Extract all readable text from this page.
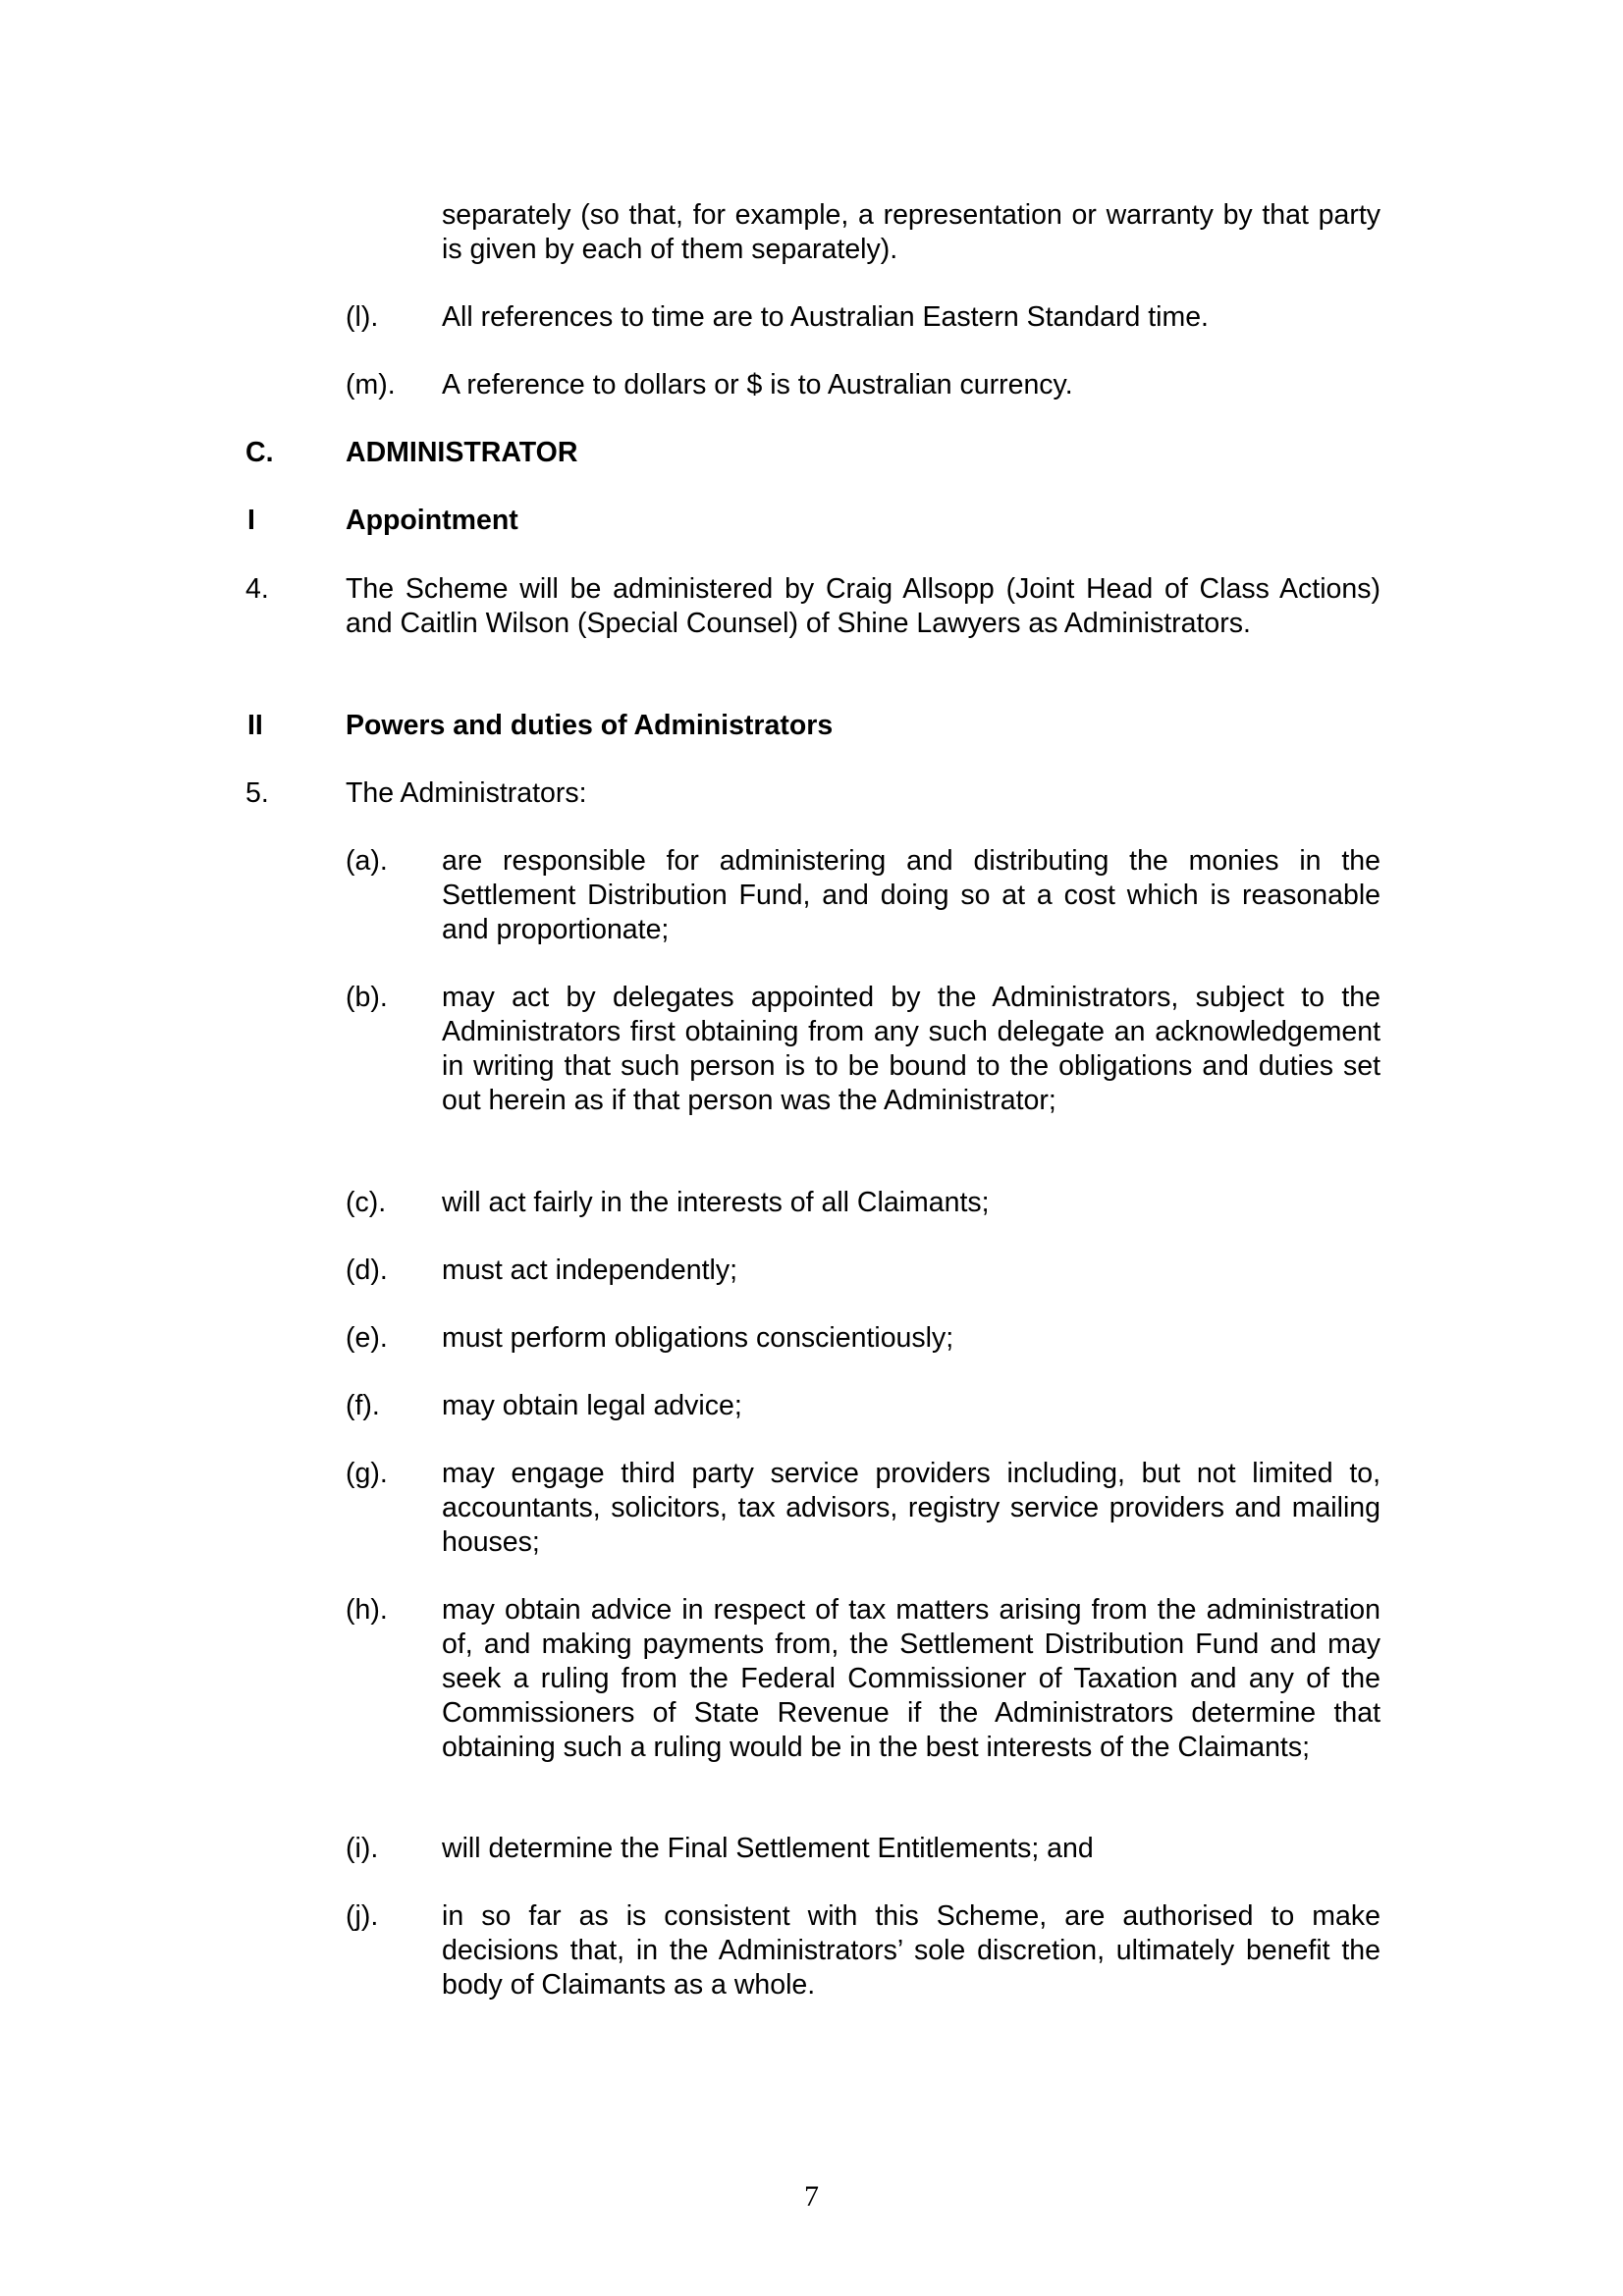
separately (so that, for example, a representation or warranty by that party is given by each of them separately).

(l). All references to time are to Australian Eastern Standard time.

(m). A reference to dollars or $ is to Australian currency.

C.	ADMINISTRATOR
I	Appointment
4.	The Scheme will be administered by Craig Allsopp (Joint Head of Class Actions) and Caitlin Wilson (Special Counsel) of Shine Lawyers as Administrators.

II	Powers and duties of Administrators
5.	The Administrators:

(a). are responsible for administering and distributing the monies in the Settlement Distribution Fund, and doing so at a cost which is reasonable and proportionate;

(b). may act by delegates appointed by the Administrators, subject to the Administrators first obtaining from any such delegate an acknowledgement in writing that such person is to be bound to the obligations and duties set out herein as if that person was the Administrator;

(c). will act fairly in the interests of all Claimants;

(d). must act independently;

(e). must perform obligations conscientiously;

(f). may obtain legal advice;

(g). may engage third party service providers including, but not limited to, accountants, solicitors, tax advisors, registry service providers and mailing houses;

(h). may obtain advice in respect of tax matters arising from the administration of, and making payments from, the Settlement Distribution Fund and may seek a ruling from the Federal Commissioner of Taxation and any of the Commissioners of State Revenue if the Administrators determine that obtaining such a ruling would be in the best interests of the Claimants;

(i). will determine the Final Settlement Entitlements; and

(j). in so far as is consistent with this Scheme, are authorised to make decisions that, in the Administrators’ sole discretion, ultimately benefit the body of Claimants as a whole.

7
